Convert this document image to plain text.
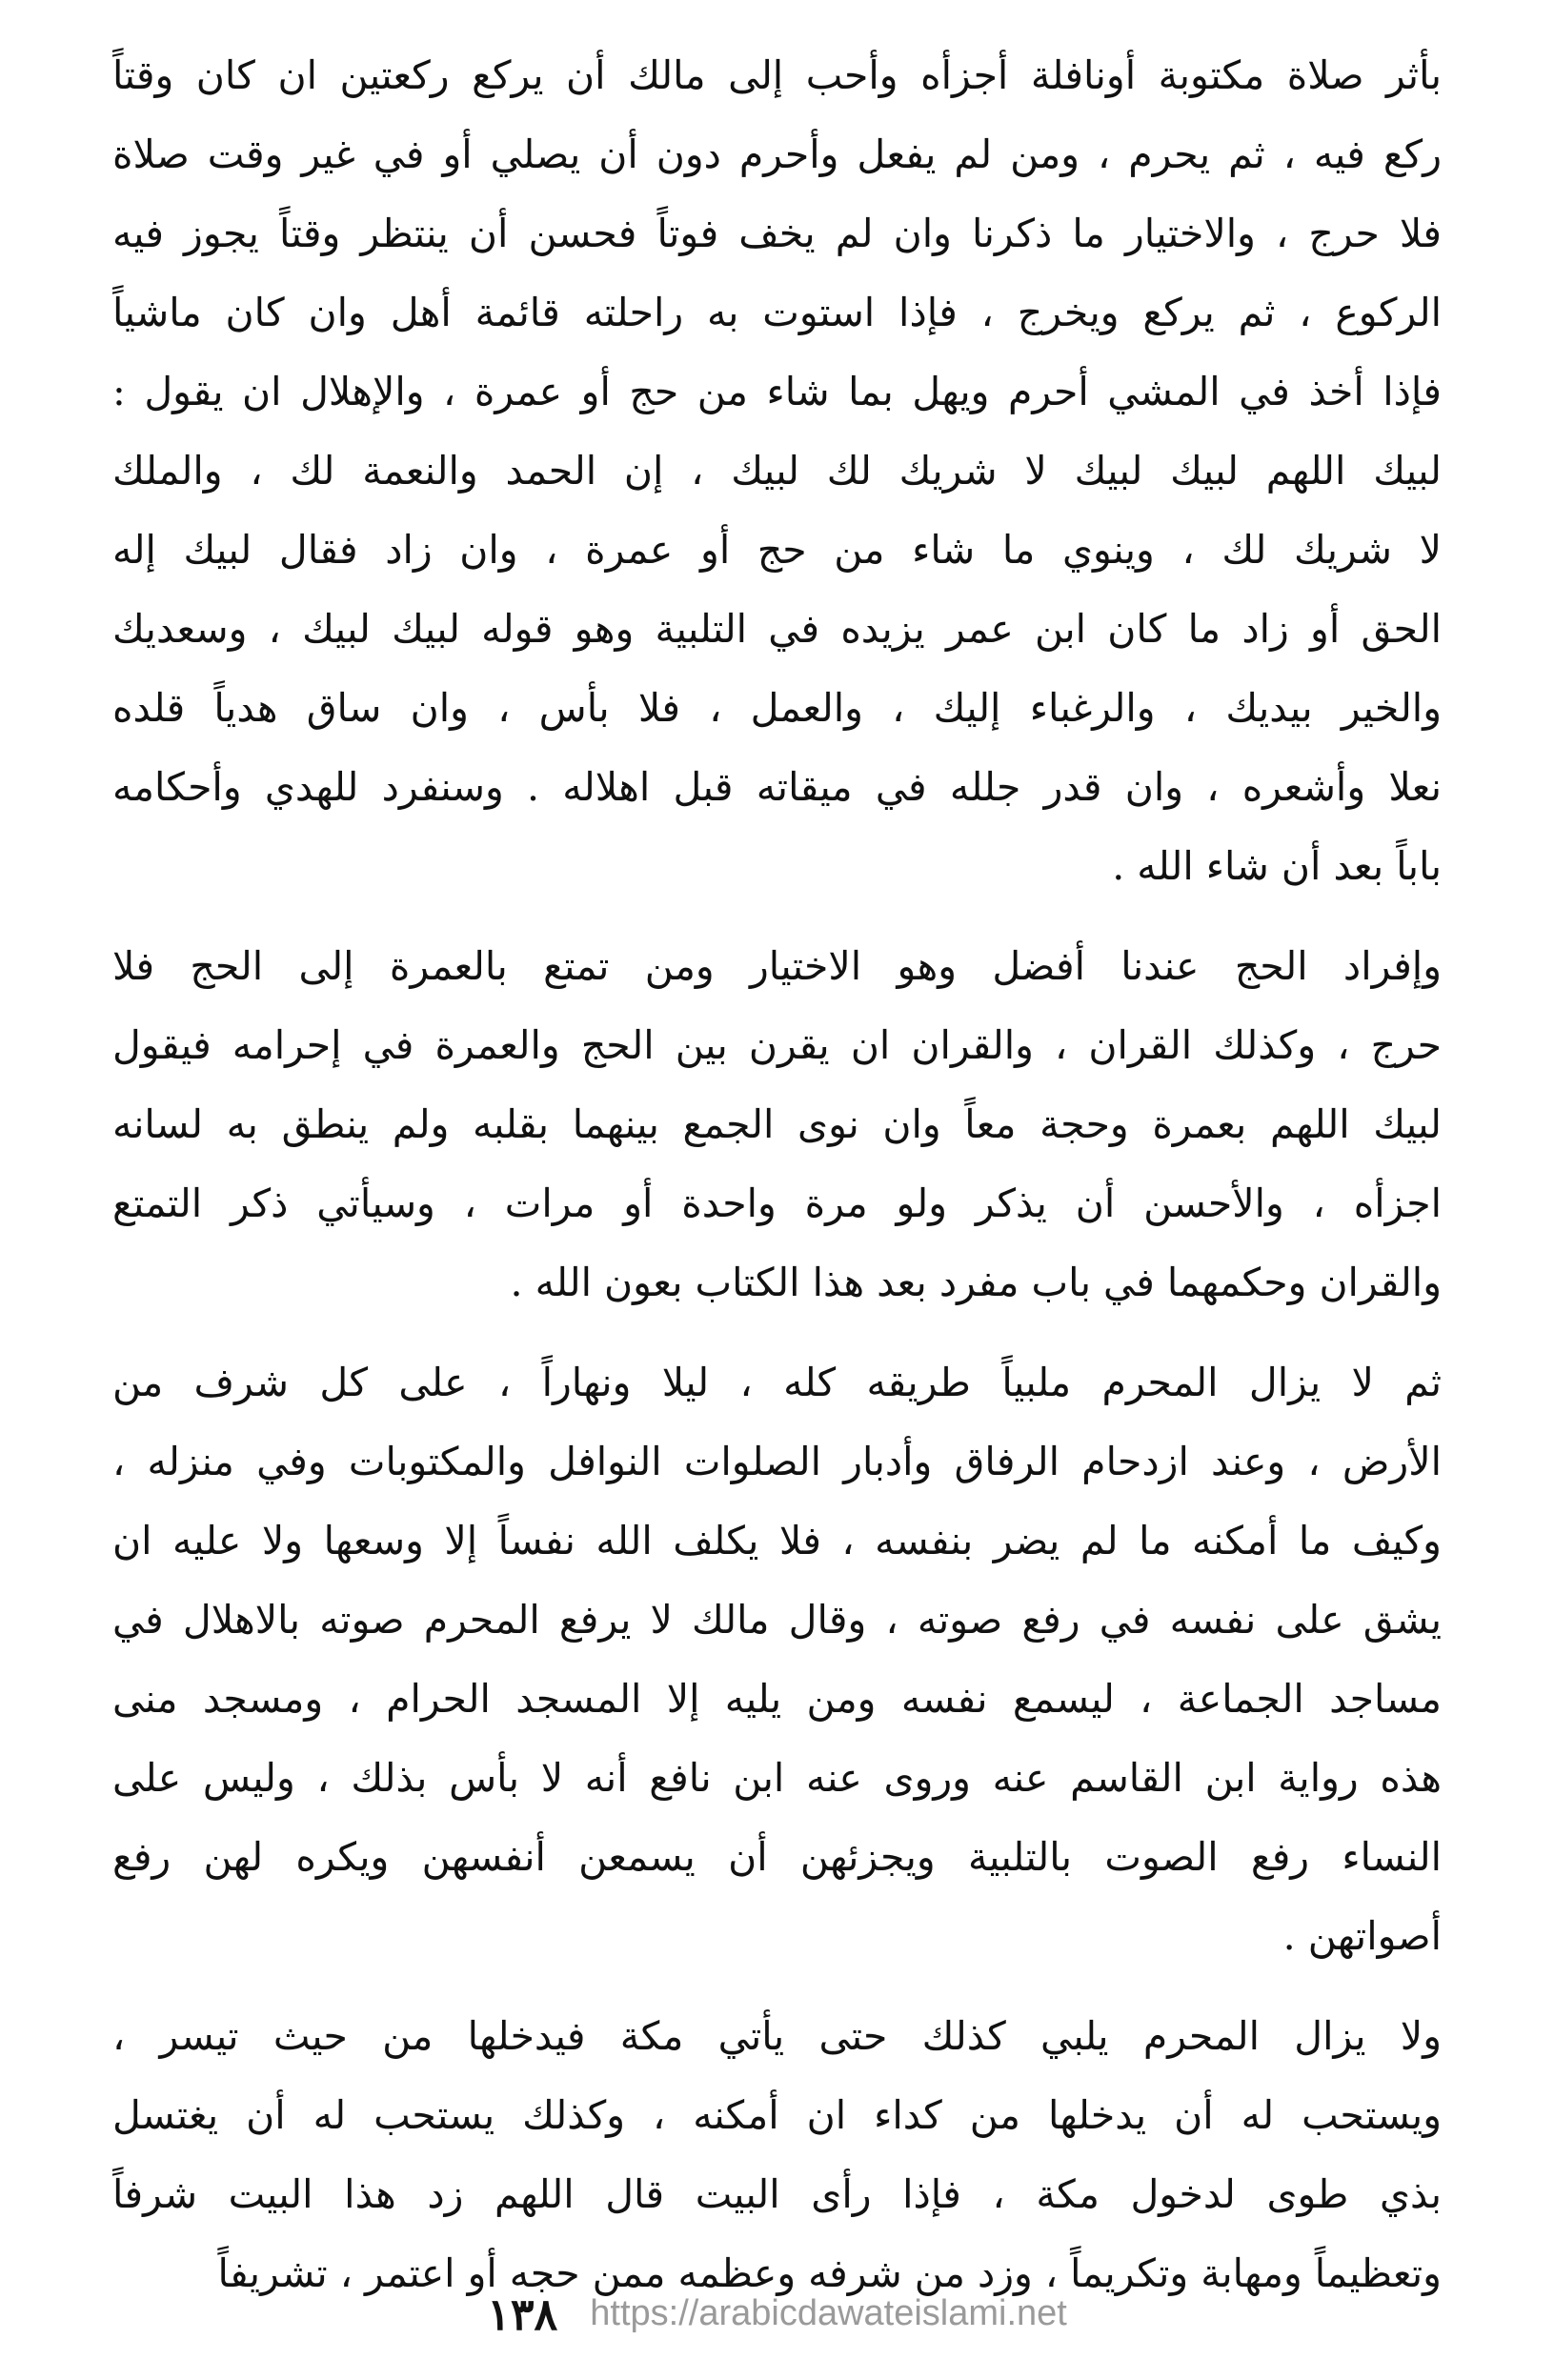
بأثر صلاة مكتوبة أونافلة أجزأه وأحب إلى مالك أن يركع ركعتين ان كان وقتاً
ركع فيه ، ثم يحرم ، ومن لم يفعل وأحرم دون أن يصلي أو في غير وقت صلاة
فلا حرج ، والاختيار ما ذكرنا وان لم يخف فوتاً فحسن أن ينتظر وقتاً يجوز فيه
الركوع ، ثم يركع ويخرج ، فإذا استوت به راحلته قائمة أهل وان كان ماشياً
فإذا أخذ في المشي أحرم ويهل بما شاء من حج أو عمرة ، والإهلال ان يقول :
لبيك اللهم لبيك لبيك لا شريك لك لبيك ، إن الحمد والنعمة لك ، والملك
لا شريك لك ، وينوي ما شاء من حج أو عمرة ، وان زاد فقال لبيك إله
الحق أو زاد ما كان ابن عمر يزيده في التلبية وهو قوله لبيك لبيك ، وسعديك
والخير بيديك ، والرغباء إليك ، والعمل ، فلا بأس ، وان ساق هدياً قلده
نعلا وأشعره ، وان قدر جلله في ميقاته قبل اهلاله . وسنفرد للهدي وأحكامه
باباً بعد أن شاء الله .
وإفراد الحج عندنا أفضل وهو الاختيار ومن تمتع بالعمرة إلى الحج فلا
حرج ، وكذلك القران ، والقران ان يقرن بين الحج والعمرة في إحرامه فيقول
لبيك اللهم بعمرة وحجة معاً وان نوى الجمع بينهما بقلبه ولم ينطق به لسانه
اجزأه ، والأحسن أن يذكر ولو مرة واحدة أو مرات ، وسيأتي ذكر التمتع
والقران وحكمهما في باب مفرد بعد هذا الكتاب بعون الله .
ثم لا يزال المحرم ملبياً طريقه كله ، ليلا ونهاراً ، على كل شرف من
الأرض ، وعند ازدحام الرفاق وأدبار الصلوات النوافل والمكتوبات وفي منزله ،
وكيف ما أمكنه ما لم يضر بنفسه ، فلا يكلف الله نفساً إلا وسعها ولا عليه ان
يشق على نفسه في رفع صوته ، وقال مالك لا يرفع المحرم صوته بالاهلال في
مساجد الجماعة ، ليسمع نفسه ومن يليه إلا المسجد الحرام ، ومسجد منى
هذه رواية ابن القاسم عنه وروى عنه ابن نافع أنه لا بأس بذلك ، وليس على
النساء رفع الصوت بالتلبية ويجزئهن أن يسمعن أنفسهن ويكره لهن رفع
أصواتهن .
ولا يزال المحرم يلبي كذلك حتى يأتي مكة فيدخلها من حيث تيسر ،
ويستحب له أن يدخلها من كداء ان أمكنه ، وكذلك يستحب له أن يغتسل
بذي طوى لدخول مكة ، فإذا رأى البيت قال اللهم زد هذا البيت شرفاً
وتعظيماً ومهابة وتكريماً ، وزد من شرفه وعظمه ممن حجه أو اعتمر ، تشريفاً
١٣٨ https://arabicdawateislami.net
